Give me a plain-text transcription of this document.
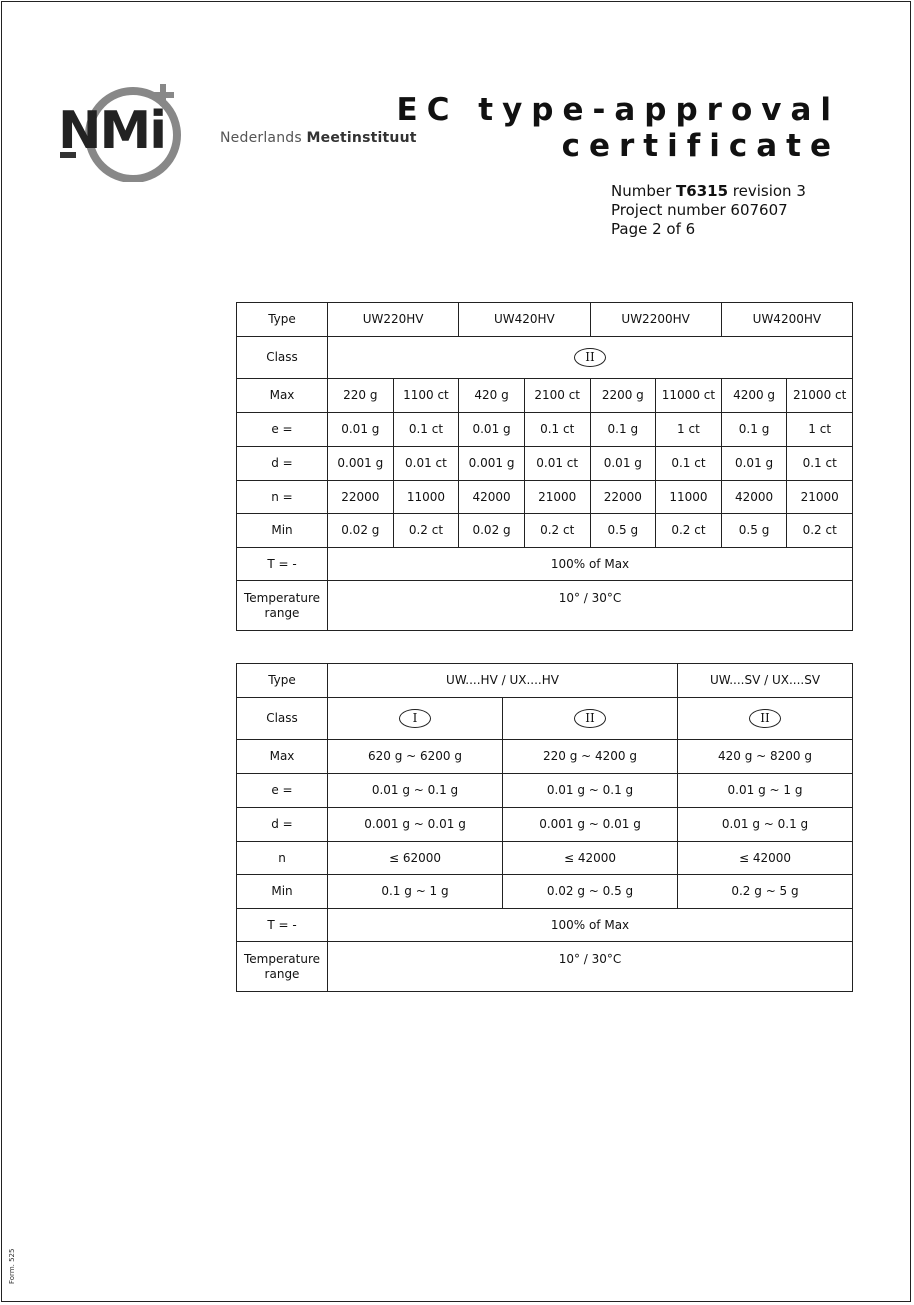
NMi	Nederlands Meetinstituut
EC type-approval
certificate
Number T6315 revision 3
Project number 607607
Page 2 of 6
Type	UW220HV		UW420HV		UW2200HV		UW4200HV	
Class	II							
Max	220 g	1100 ct	420 g	2100 ct	2200 g	11000 ct	4200 g	21000 ct
e =	0.01 g	0.1 ct	0.01 g	0.1 ct	0.1 g	1 ct	0.1 g	1 ct
d =	0.001 g	0.01 ct	0.001 g	0.01 ct	0.01 g	0.1 ct	0.01 g	0.1 ct
n =	22000	11000	42000	21000	22000	11000	42000	21000
Min	0.02 g	0.2 ct	0.02 g	0.2 ct	0.5 g	0.2 ct	0.5 g	0.2 ct
T = -	100% of Max							
Temperature
range	10° / 30°C							
Type	UW....HV / UX....HV		UW....SV / UX....SV
Class	I	II	II
Max	620 g ~ 6200 g	220 g ~ 4200 g	420 g ~ 8200 g
e =	0.01 g ~ 0.1 g	0.01 g ~ 0.1 g	0.01 g ~ 1 g
d =	0.001 g ~ 0.01 g	0.001 g ~ 0.01 g	0.01 g ~ 0.1 g
n	≤ 62000	≤ 42000	≤ 42000
Min	0.1 g ~ 1 g	0.02 g ~ 0.5 g	0.2 g ~ 5 g
T = -	100% of Max		
Temperature
range	10° / 30°C		
Form. 525
